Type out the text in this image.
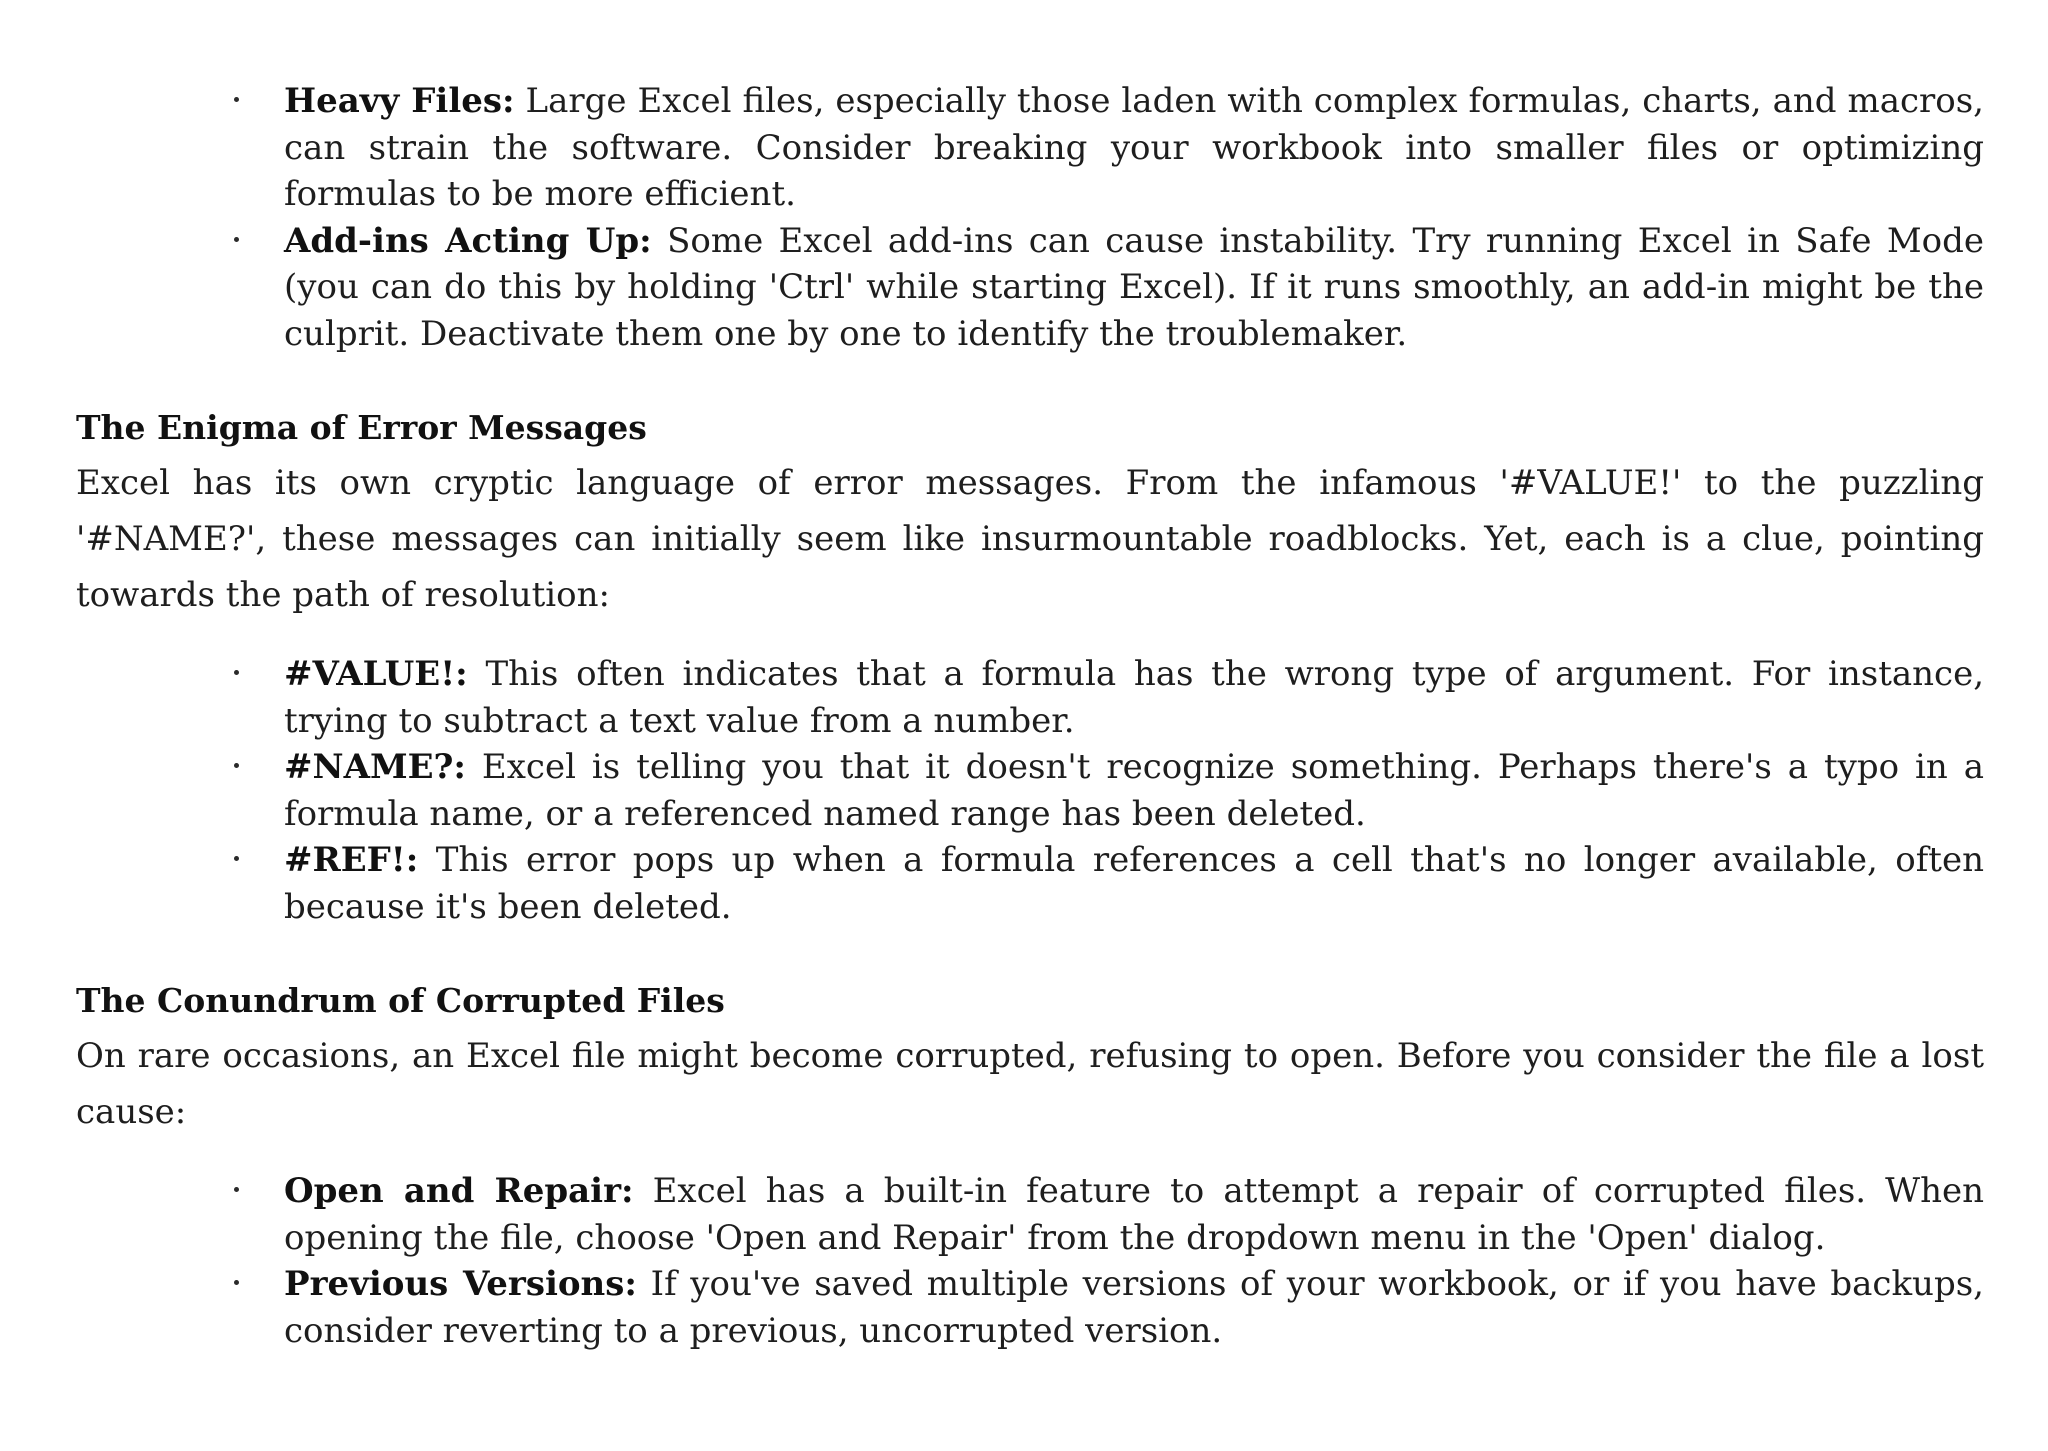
Heavy Files: Large Excel files, especially those laden with complex formulas, charts, and macros, can strain the software. Consider breaking your workbook into smaller files or optimizing formulas to be more efficient.
Add-ins Acting Up: Some Excel add-ins can cause instability. Try running Excel in Safe Mode (you can do this by holding 'Ctrl' while starting Excel). If it runs smoothly, an add-in might be the culprit. Deactivate them one by one to identify the troublemaker.
The Enigma of Error Messages

Excel has its own cryptic language of error messages. From the infamous '#VALUE!' to the puzzling '#NAME?', these messages can initially seem like insurmountable roadblocks. Yet, each is a clue, pointing towards the path of resolution:

#VALUE!: This often indicates that a formula has the wrong type of argument. For instance, trying to subtract a text value from a number.
#NAME?: Excel is telling you that it doesn't recognize something. Perhaps there's a typo in a formula name, or a referenced named range has been deleted.
#REF!: This error pops up when a formula references a cell that's no longer available, often because it's been deleted.
The Conundrum of Corrupted Files

On rare occasions, an Excel file might become corrupted, refusing to open. Before you consider the file a lost cause:

Open and Repair: Excel has a built-in feature to attempt a repair of corrupted files. When opening the file, choose 'Open and Repair' from the dropdown menu in the 'Open' dialog.
Previous Versions: If you've saved multiple versions of your workbook, or if you have backups, consider reverting to a previous, uncorrupted version.
